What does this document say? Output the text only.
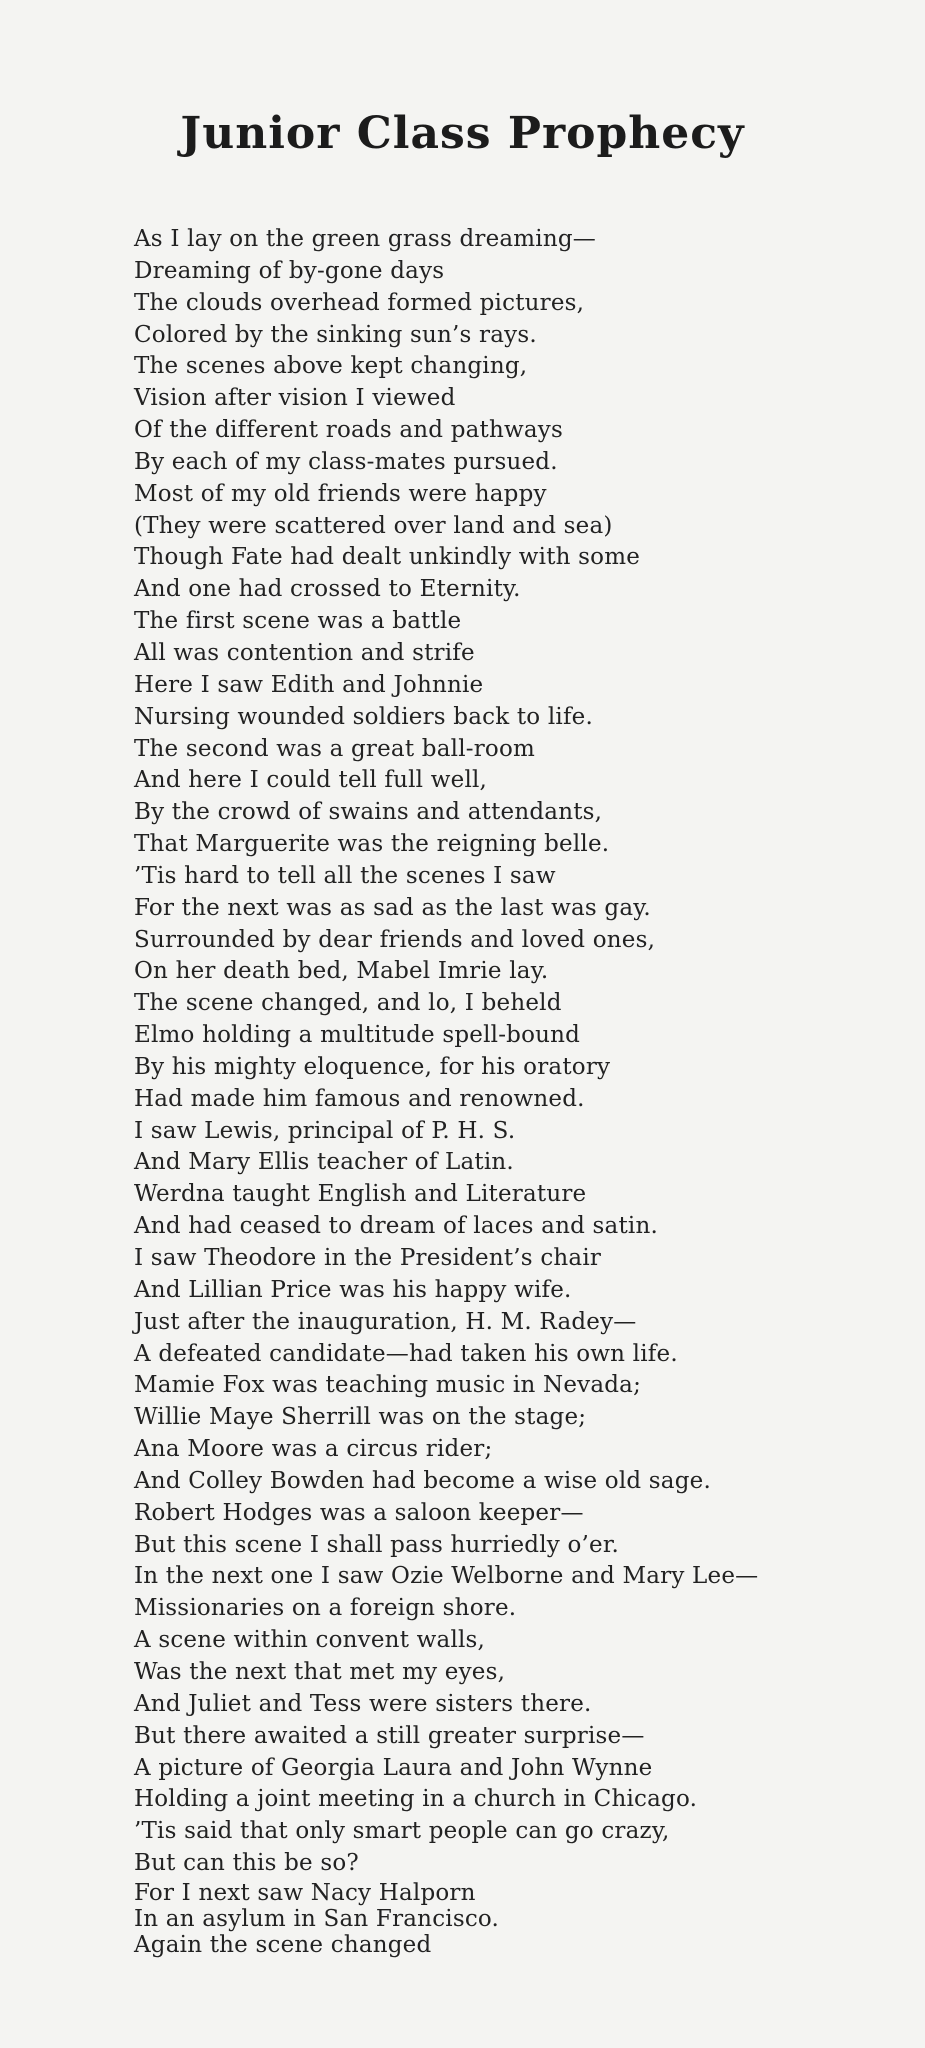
Junior Class Prophecy
As I lay on the green grass dreaming—
Dreaming of by-gone days
The clouds overhead formed pictures,
Colored by the sinking sun’s rays.
The scenes above kept changing,
Vision after vision I viewed
Of the different roads and pathways
By each of my class-mates pursued.
Most of my old friends were happy
(They were scattered over land and sea)
Though Fate had dealt unkindly with some
And one had crossed to Eternity.
The first scene was a battle
All was contention and strife
Here I saw Edith and Johnnie
Nursing wounded soldiers back to life.
The second was a great ball-room
And here I could tell full well,
By the crowd of swains and attendants,
That Marguerite was the reigning belle.
’Tis hard to tell all the scenes I saw
For the next was as sad as the last was gay.
Surrounded by dear friends and loved ones,
On her death bed, Mabel Imrie lay.
The scene changed, and lo, I beheld
Elmo holding a multitude spell-bound
By his mighty eloquence, for his oratory
Had made him famous and renowned.
I saw Lewis, principal of P. H. S.
And Mary Ellis teacher of Latin.
Werdna taught English and Literature
And had ceased to dream of laces and satin.
I saw Theodore in the President’s chair
And Lillian Price was his happy wife.
Just after the inauguration, H. M. Radey—
A defeated candidate—had taken his own life.
Mamie Fox was teaching music in Nevada;
Willie Maye Sherrill was on the stage;
Ana Moore was a circus rider;
And Colley Bowden had become a wise old sage.
Robert Hodges was a saloon keeper—
But this scene I shall pass hurriedly o’er.
In the next one I saw Ozie Welborne and Mary Lee—
Missionaries on a foreign shore.
A scene within convent walls,
Was the next that met my eyes,
And Juliet and Tess were sisters there.
But there awaited a still greater surprise—
A picture of Georgia Laura and John Wynne
Holding a joint meeting in a church in Chicago.
’Tis said that only smart people can go crazy,
But can this be so?
For I next saw Nacy Halporn
In an asylum in San Francisco.
Again the scene changed
